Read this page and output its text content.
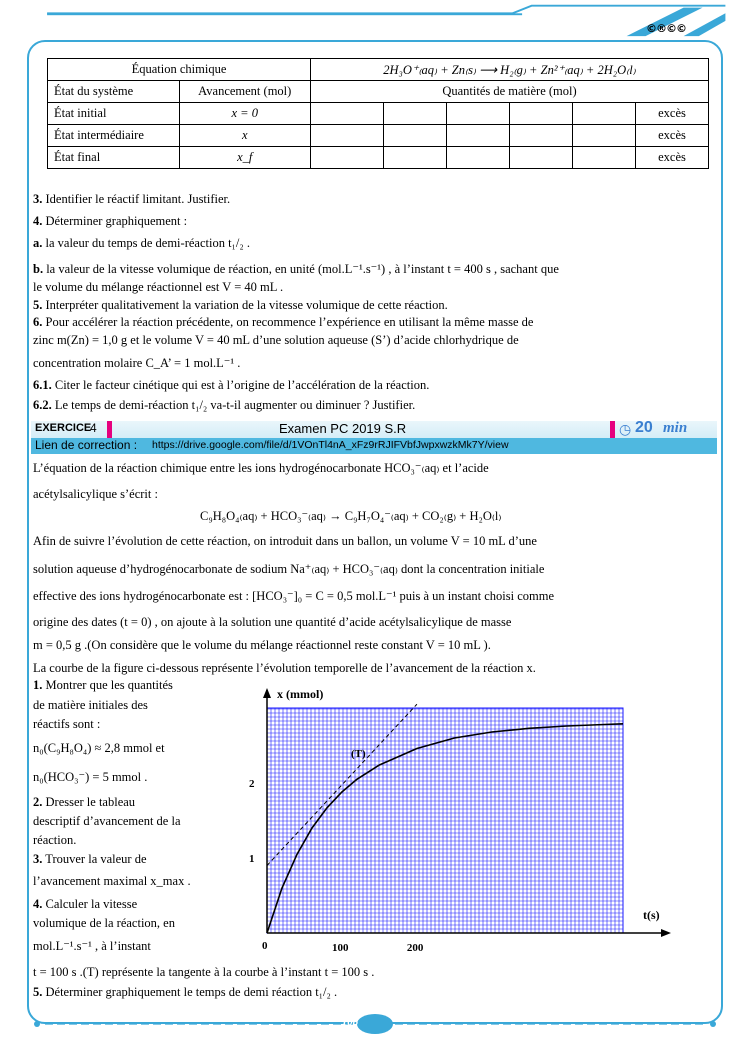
©®©©
Équation chimique		2H₃O⁺₍aq₎ + Zn₍s₎ ⟶ H₂₍g₎ + Zn²⁺₍aq₎ + 2H₂O₍l₎					
État du système	Avancement (mol)	Quantités de matière (mol)					
État initial	x = 0						excès
État intermédiaire	x						excès
État final	x_f						excès
3. Identifier le réactif limitant. Justifier.
4. Déterminer graphiquement :
a. la valeur du temps de demi-réaction t₁/₂ .
b. la valeur de la vitesse volumique de réaction, en unité (mol.L⁻¹.s⁻¹) , à l’instant t = 400 s , sachant que
le volume du mélange réactionnel est V = 40 mL .
5. Interpréter qualitativement la variation de la vitesse volumique de cette réaction.
6. Pour accélérer la réaction précédente, on recommence l’expérience en utilisant la même masse de
zinc m(Zn) = 1,0 g et le volume V = 40 mL d’une solution aqueuse (S’) d’acide chlorhydrique de
concentration molaire C_A’ = 1 mol.L⁻¹ .
6.1. Citer le facteur cinétique qui est à l’origine de l’accélération de la réaction.
6.2. Le temps de demi-réaction t₁/₂ va-t-il augmenter ou diminuer ? Justifier.
EXERCICE
4	Examen PC 2019 S.R	◷ 20 min
Lien de correction : https://drive.google.com/file/d/1VOnTl4nA_xFz9rRJIFVbfJwpxwzkMk7Y/view
L’équation de la réaction chimique entre les ions hydrogénocarbonate HCO₃⁻₍aq₎ et l’acide
acétylsalicylique s’écrit :
C₉H₈O₄₍aq₎ + HCO₃⁻₍aq₎ → C₉H₇O₄⁻₍aq₎ + CO₂₍g₎ + H₂O₍l₎
Afin de suivre l’évolution de cette réaction, on introduit dans un ballon, un volume V = 10 mL d’une
solution aqueuse d’hydrogénocarbonate de sodium Na⁺₍aq₎ + HCO₃⁻₍aq₎ dont la concentration initiale
effective des ions hydrogénocarbonate est : [HCO₃⁻]₀ = C = 0,5 mol.L⁻¹ puis à un instant choisi comme
origine des dates (t = 0) , on ajoute à la solution une quantité d’acide acétylsalicylique de masse
m = 0,5 g .(On considère que le volume du mélange réactionnel reste constant V = 10 mL ).
La courbe de la figure ci-dessous représente l’évolution temporelle de l’avancement de la réaction x.
1. Montrer que les quantités
de matière initiales des
réactifs sont :
n₀(C₉H₈O₄) ≈ 2,8 mmol et
n₀(HCO₃⁻) = 5 mmol .
2. Dresser le tableau
descriptif d’avancement de la
réaction.
3. Trouver la valeur de
l’avancement maximal x_max .
4. Calculer la vitesse
volumique de la réaction, en
mol.L⁻¹.s⁻¹ , à l’instant
t = 100 s .(T) représente la tangente à la courbe à l’instant t = 100 s .
5. Déterminer graphiquement le temps de demi réaction t₁/₂ .
x (mmol)
t(s)
0	100	200
1
2
(T)
108
